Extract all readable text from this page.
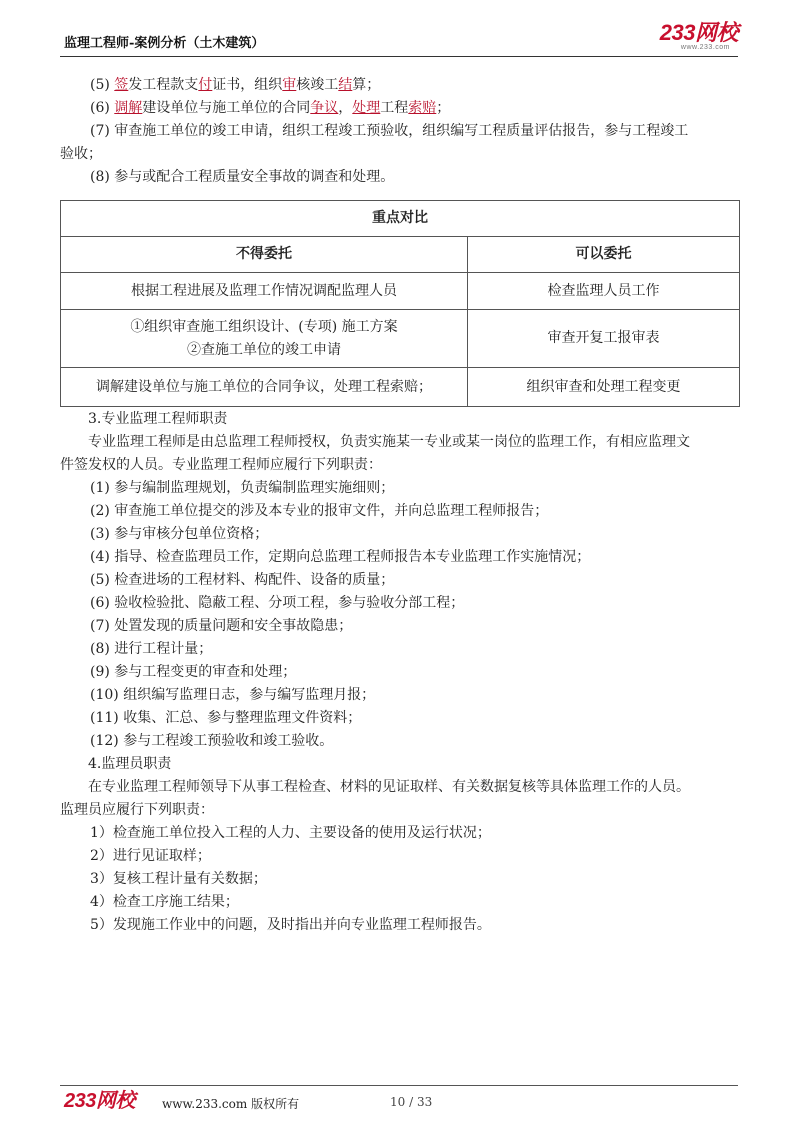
监理工程师-案例分析（土木建筑）	233网校
www.233.com
(5) 签发工程款支付证书，组织审核竣工结算；
(6) 调解建设单位与施工单位的合同争议，处理工程索赔；
(7) 审查施工单位的竣工申请，组织工程竣工预验收，组织编写工程质量评估报告，参与工程竣工
验收；
(8) 参与或配合工程质量安全事故的调查和处理。
重点对比	
不得委托	可以委托

根据工程进展及监理工作情况调配监理人员	检查监理人员工作

①组织审查施工组织设计、(专项) 施工方案
②查施工单位的竣工申请	审查开复工报审表

调解建设单位与施工单位的合同争议，处理工程索赔；	组织审查和处理工程变更
3.专业监理工程师职责
专业监理工程师是由总监理工程师授权，负责实施某一专业或某一岗位的监理工作，有相应监理文
件签发权的人员。专业监理工程师应履行下列职责：
(1) 参与编制监理规划，负责编制监理实施细则；
(2) 审查施工单位提交的涉及本专业的报审文件，并向总监理工程师报告；
(3) 参与审核分包单位资格；
(4) 指导、检查监理员工作，定期向总监理工程师报告本专业监理工作实施情况；
(5) 检查进场的工程材料、构配件、设备的质量；
(6) 验收检验批、隐蔽工程、分项工程，参与验收分部工程；
(7) 处置发现的质量问题和安全事故隐患；
(8) 进行工程计量；
(9) 参与工程变更的审查和处理；
(10) 组织编写监理日志，参与编写监理月报；
(11) 收集、汇总、参与整理监理文件资料；
(12) 参与工程竣工预验收和竣工验收。
4.监理员职责
在专业监理工程师领导下从事工程检查、材料的见证取样、有关数据复核等具体监理工作的人员。
监理员应履行下列职责：
1）检查施工单位投入工程的人力、主要设备的使用及运行状况；
2）进行见证取样；
3）复核工程计量有关数据；
4）检查工序施工结果；
5）发现施工作业中的问题，及时指出并向专业监理工程师报告。
233网校 www.233.com 版权所有	10 / 33
